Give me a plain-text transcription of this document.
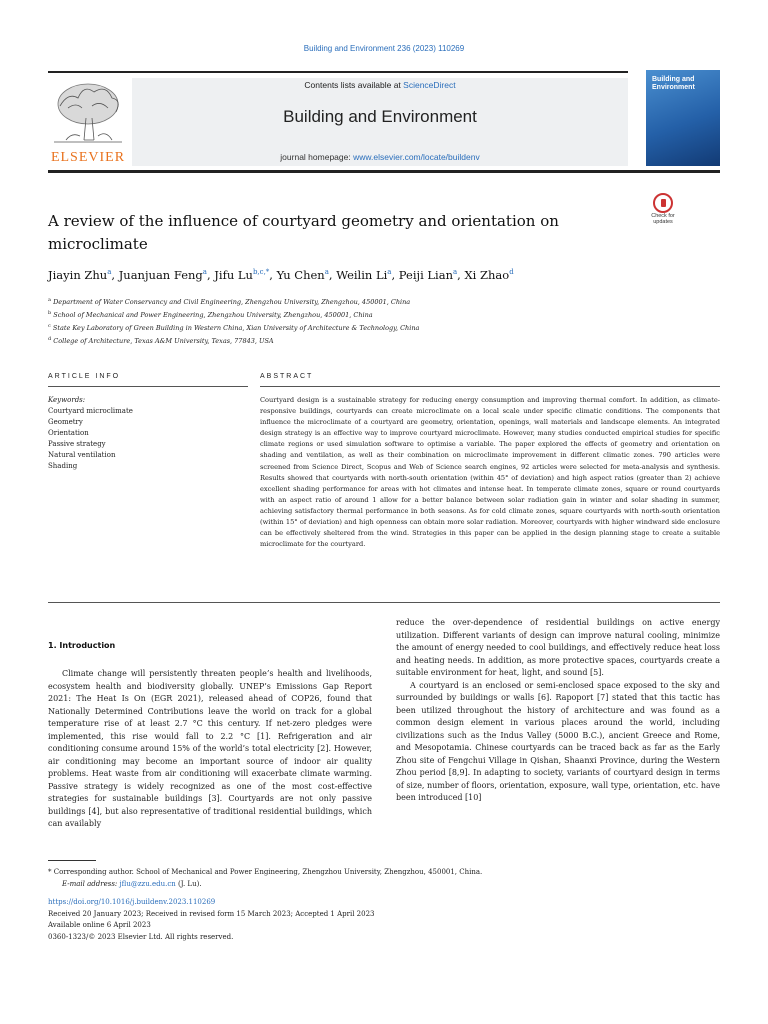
Building and Environment 236 (2023) 110269
ELSEVIER
Contents lists available at ScienceDirect
Building and Environment
journal homepage: www.elsevier.com/locate/buildenv
Building and Environment
Check for updates
A review of the influence of courtyard geometry and orientation on microclimate
Jiayin Zhu$^a$, Juanjuan Feng$^a$, Jifu $Lu^{b,c,*}$, Yu Chen$^a$, Weilin Li$^a$, Peiji Lian$^a$, Xi Zhao$^d$
$^a$ Department of Water Conservancy and Civil Engineering, Zhengzhou University, Zhengzhou, 450001, China
$^b$ School of Mechanical and Power Engineering, Zhengzhou University, Zhengzhou, 450001, China
$^c$ State Key Laboratory of Green Building in Western China, Xian University of Architecture & Technology, China
$^d$ College of Architecture, Texas A&M University, Texas, 77843, USA
ARTICLE INFO
Keywords:
Courtyard microclimate
Geometry
Orientation
Passive strategy
Natural ventilation
Shading
ABSTRACT
Courtyard design is a sustainable strategy for reducing energy consumption and improving thermal comfort. In addition, as climate-responsive buildings, courtyards can create microclimate on a local scale under specific climatic conditions. The components that influence the microclimate of a courtyard are geometry, orientation, openings, wall materials and landscape elements. An integrated design strategy is an effective way to improve courtyard microclimate. However, many studies conducted empirical studies for specific climate regions or used simulation software to optimise a variable. The paper explored the effects of geometry and orientation on shading and ventilation, as well as their combination on microclimate improvement in different climatic zones. 790 articles were screened from Science Direct, Scopus and Web of Science search engines, 92 articles were selected for meta-analysis and synthesis. Results showed that courtyards with north-south orientation (within 45° of deviation) and high aspect ratios (greater than 2) achieve excellent shading performance for areas with hot climates and intense heat. In temperate climate zones, square or round courtyards with an aspect ratio of around 1 allow for a better balance between solar radiation gain in winter and solar shading in summer, achieving satisfactory thermal performance in both seasons. As for cold climate zones, square courtyards with north-south orientation (within 15° of deviation) and high openness can obtain more solar radiation. Moreover, courtyards with higher windward side enclosure can be effectively sheltered from the wind. Strategies in this paper can be applied in the design planning stage to create a suitable microclimate for the courtyard.
1. Introduction

Climate change will persistently threaten people’s health and livelihoods, ecosystem health and biodiversity globally. UNEP’s Emissions Gap Report 2021: The Heat Is On (EGR 2021), released ahead of COP26, found that Nationally Determined Contributions leave the world on track for a global temperature rise of at least 2.7 °C this century. If net-zero pledges were implemented, this rise would fall to 2.2 °C [1]. Refrigeration and air conditioning consume around 15% of the world’s total electricity [2]. However, air conditioning may become an important source of indoor air quality problems. Heat waste from air conditioning will exacerbate climate warming. Passive strategy is widely recognized as one of the most cost-effective strategies for sustainable buildings [3]. Courtyards are not only passive buildings [4], but also representative of traditional residential buildings, which can availably

reduce the over-dependence of residential buildings on active energy utilization. Different variants of design can improve natural cooling, minimize the amount of energy needed to cool buildings, and effectively reduce heat loss and heating needs. In addition, as more protective spaces, courtyards create a suitable environment for heat, light, and sound [5].

A courtyard is an enclosed or semi-enclosed space exposed to the sky and surrounded by buildings or walls [6]. Rapoport [7] stated that this tactic has been utilized throughout the history of architecture and was found as a common design element in various places around the world, including civilizations such as the Indus Valley (5000 B.C.), ancient Greece and Rome, and Mesopotamia. Chinese courtyards can be traced back as far as the Early Zhou site of Fengchui Village in Qishan, Shaanxi Province, during the Western Zhou period [8,9]. In adapting to society, variants of courtyard design in terms of size, number of floors, orientation, exposure, wall type, orientation, etc. have been introduced [10]

* Corresponding author. School of Mechanical and Power Engineering, Zhengzhou University, Zhengzhou, 450001, China.
E-mail address: jflu@zzu.edu.cn (J. Lu).
https://doi.org/10.1016/j.buildenv.2023.110269
Received 20 January 2023; Received in revised form 15 March 2023; Accepted 1 April 2023
Available online 6 April 2023
0360-1323/© 2023 Elsevier Ltd. All rights reserved.
